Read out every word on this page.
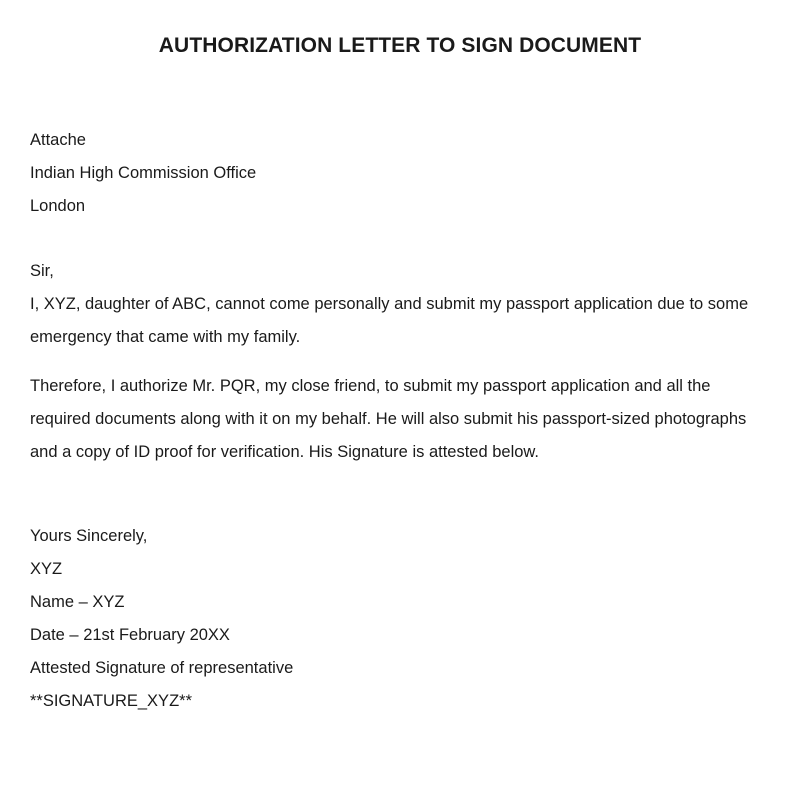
AUTHORIZATION LETTER TO SIGN DOCUMENT
Attache
Indian High Commission Office
London
Sir,
I, XYZ, daughter of ABC, cannot come personally and submit my passport application due to some emergency that came with my family.
Therefore, I authorize Mr. PQR, my close friend, to submit my passport application and all the required documents along with it on my behalf. He will also submit his passport-sized photographs and a copy of ID proof for verification. His Signature is attested below.
Yours Sincerely,
XYZ
Name – XYZ
Date – 21st February 20XX
Attested Signature of representative
**SIGNATURE_XYZ**
